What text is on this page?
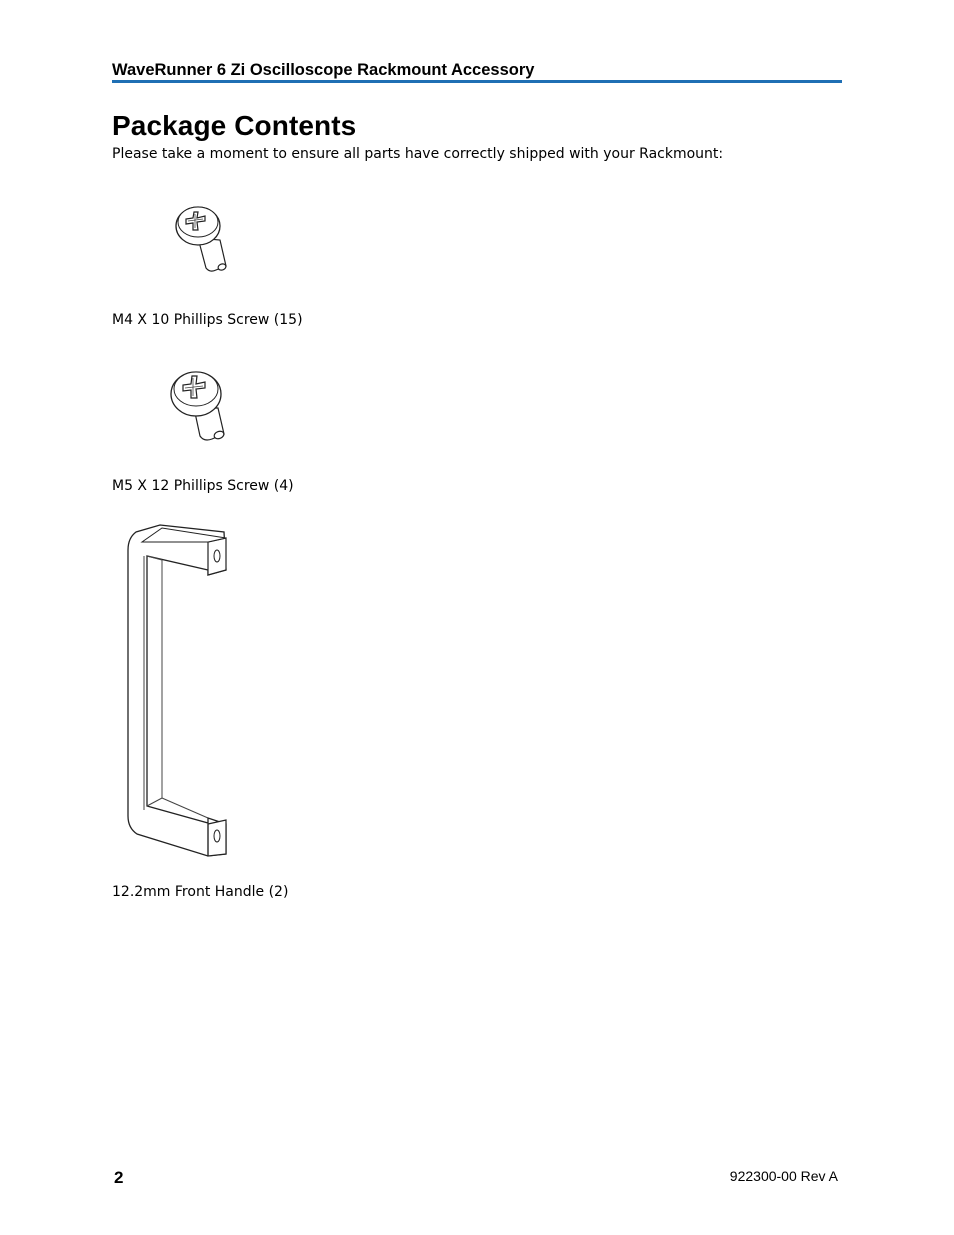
WaveRunner 6 Zi Oscilloscope Rackmount Accessory
Package Contents
Please take a moment to ensure all parts have correctly shipped with your Rackmount:
M4 X 10 Phillips Screw (15)
M5 X 12 Phillips Screw (4)
12.2mm Front Handle (2)
2	922300-00 Rev A
